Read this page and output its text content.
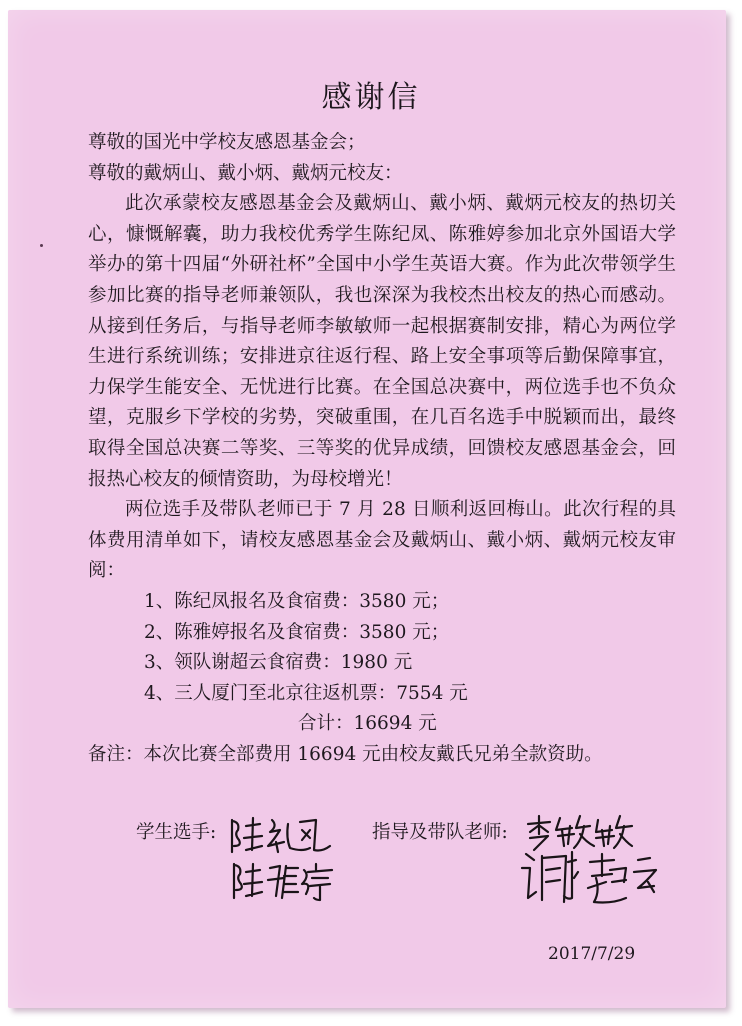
感谢信

尊敬的国光中学校友感恩基金会；

尊敬的戴炳山、戴小炳、戴炳元校友：

此次承蒙校友感恩基金会及戴炳山、戴小炳、戴炳元校友的热切关心，慷慨解囊，助力我校优秀学生陈纪凤、陈雅婷参加北京外国语大学举办的第十四届“外研社杯”全国中小学生英语大赛。作为此次带领学生参加比赛的指导老师兼领队，我也深深为我校杰出校友的热心而感动。从接到任务后，与指导老师李敏敏师一起根据赛制安排，精心为两位学生进行系统训练；安排进京往返行程、路上安全事项等后勤保障事宜，力保学生能安全、无忧进行比赛。在全国总决赛中，两位选手也不负众望，克服乡下学校的劣势，突破重围，在几百名选手中脱颖而出，最终取得全国总决赛二等奖、三等奖的优异成绩，回馈校友感恩基金会，回报热心校友的倾情资助，为母校增光！

两位选手及带队老师已于 7 月 28 日顺利返回梅山。此次行程的具体费用清单如下，请校友感恩基金会及戴炳山、戴小炳、戴炳元校友审阅：

1、陈纪凤报名及食宿费：3580 元；

2、陈雅婷报名及食宿费：3580 元；

3、领队谢超云食宿费：1980 元

4、三人厦门至北京往返机票：7554 元

合计：16694 元

备注：本次比赛全部费用 16694 元由校友戴氏兄弟全款资助。

学生选手:	指导及带队老师:
2017/7/29
